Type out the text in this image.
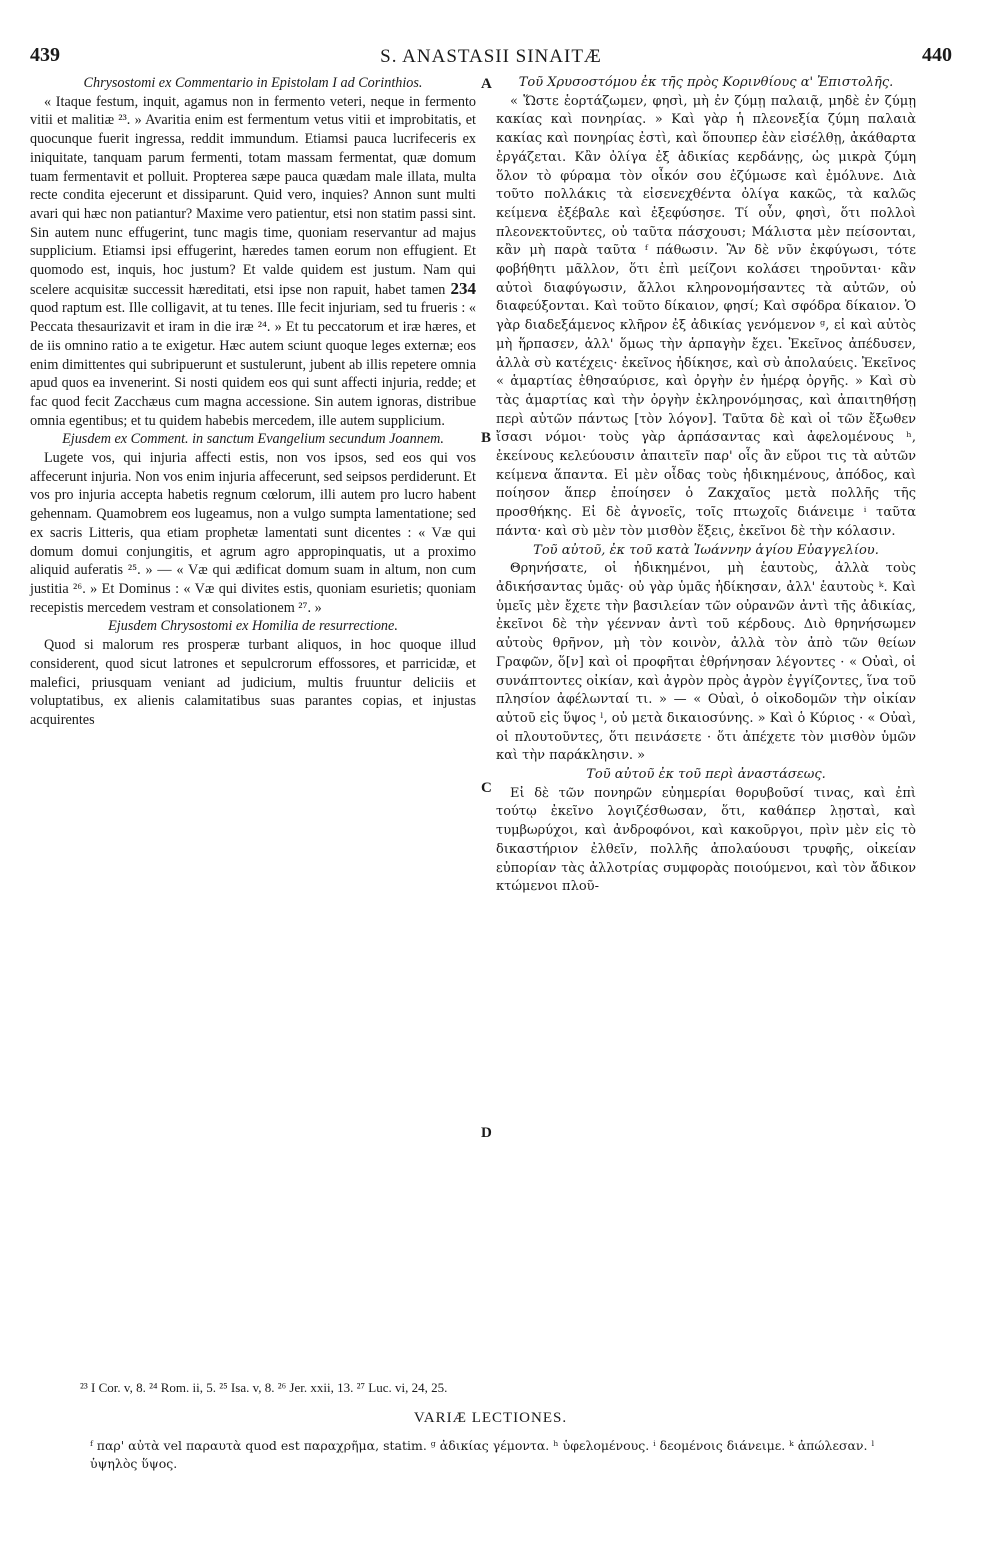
439	S. ANASTASII SINAITÆ	440
Chrysostomi ex Commentario in Epistolam I ad Corinthios.

« Itaque festum, inquit, agamus non in fermento veteri, neque in fermento vitii et malitiæ ²³. » Avaritia enim est fermentum vetus vitii et improbitatis, et quocunque fuerit ingressa, reddit immundum. Etiamsi pauca lucrifeceris ex iniquitate, tanquam parum fermenti, totam massam fermentat, quæ domum tuam fermentavit et polluit. Propterea sæpe pauca quædam male illata, multa recte condita ejecerunt et dissiparunt. Quid vero, inquies? Annon sunt multi avari qui hæc non patiantur? Maxime vero patientur, etsi non statim passi sint. Sin autem nunc effugerint, tunc magis time, quoniam reservantur ad majus supplicium. Etiamsi ipsi effugerint, hæredes tamen eorum non effugient. Et quomodo est, inquis, hoc justum? Et valde quidem est justum. Nam qui scelere acquisitæ successit hæreditati, etsi ipse non rapuit, habet tamen 234 quod raptum est. Ille colligavit, at tu tenes. Ille fecit injuriam, sed tu frueris : « Peccata thesaurizavit et iram in die iræ ²⁴. » Et tu peccatorum et iræ hæres, et de iis omnino ratio a te exigetur. Hæc autem sciunt quoque leges externæ; eos enim dimittentes qui subripuerunt et sustulerunt, jubent ab illis repetere omnia apud quos ea invenerint. Si nosti quidem eos qui sunt affecti injuria, redde; et fac quod fecit Zacchæus cum magna accessione. Sin autem ignoras, distribue omnia egentibus; et tu quidem habebis mercedem, ille autem supplicium.

Ejusdem ex Comment. in sanctum Evangelium secundum Joannem.

Lugete vos, qui injuria affecti estis, non vos ipsos, sed eos qui vos affecerunt injuria. Non vos enim injuria affecerunt, sed seipsos perdiderunt. Et vos pro injuria accepta habetis regnum cœlorum, illi autem pro lucro habent gehennam. Quamobrem eos lugeamus, non a vulgo sumpta lamentatione; sed ex sacris Litteris, qua etiam prophetæ lamentati sunt dicentes : « Væ qui domum domui conjungitis, et agrum agro appropinquatis, ut a proximo aliquid auferatis ²⁵. » — « Væ qui ædificat domum suam in altum, non cum justitia ²⁶. » Et Dominus : « Væ qui divites estis, quoniam esurietis; quoniam recepistis mercedem vestram et consolationem ²⁷. »

Ejusdem Chrysostomi ex Homilia de resurrectione.

Quod si malorum res prosperæ turbant aliquos, in hoc quoque illud considerent, quod sicut latrones et sepulcrorum effossores, et parricidæ, et malefici, priusquam veniant ad judicium, multis fruuntur deliciis et voluptatibus, ex alienis calamitatibus suas parantes copias, et injustas acquirentes

A
B
C
D
Τοῦ Χρυσοστόμου ἐκ τῆς πρὸς Κορινθίους α' Ἐπιστολῆς.

« Ὥστε ἑορτάζωμεν, φησὶ, μὴ ἐν ζύμῃ παλαιᾷ, μηδὲ ἐν ζύμῃ κακίας καὶ πονηρίας. » Καὶ γὰρ ἡ πλεονεξία ζύμη παλαιὰ κακίας καὶ πονηρίας ἐστὶ, καὶ ὅπουπερ ἐὰν εἰσέλθῃ, ἀκάθαρτα ἐργάζεται. Κἂν ὀλίγα ἐξ ἀδικίας κερδάνῃς, ὡς μικρὰ ζύμη ὅλον τὸ φύραμα τὸν οἶκόν σου ἐζύμωσε καὶ ἐμόλυνε. Διὰ τοῦτο πολλάκις τὰ εἰσενεχθέντα ὀλίγα κακῶς, τὰ καλῶς κείμενα ἐξέβαλε καὶ ἐξεφύσησε. Τί οὖν, φησὶ, ὅτι πολλοὶ πλεονεκτοῦντες, οὐ ταῦτα πάσχουσι; Μάλιστα μὲν πείσονται, κἂν μὴ παρὰ ταῦτα ᶠ πάθωσιν. Ἂν δὲ νῦν ἐκφύγωσι, τότε φοβήθητι μᾶλλον, ὅτι ἐπὶ μείζονι κολάσει τηροῦνται· κἂν αὐτοὶ διαφύγωσιν, ἄλλοι κληρονομήσαντες τὰ αὐτῶν, οὐ διαφεύξονται. Καὶ τοῦτο δίκαιον, φησί; Καὶ σφόδρα δίκαιον. Ὁ γὰρ διαδεξάμενος κλῆρον ἐξ ἀδικίας γενόμενον ᵍ, εἰ καὶ αὐτὸς μὴ ἥρπασεν, ἀλλ' ὅμως τὴν ἁρπαγὴν ἔχει. Ἐκεῖνος ἀπέδυσεν, ἀλλὰ σὺ κατέχεις· ἐκεῖνος ἠδίκησε, καὶ σὺ ἀπολαύεις. Ἐκεῖνος « ἁμαρτίας ἐθησαύρισε, καὶ ὀργὴν ἐν ἡμέρᾳ ὀργῆς. » Καὶ σὺ τὰς ἁμαρτίας καὶ τὴν ὀργὴν ἐκληρονόμησας, καὶ ἀπαιτηθήσῃ περὶ αὐτῶν πάντως [τὸν λόγον]. Ταῦτα δὲ καὶ οἱ τῶν ἔξωθεν ἴσασι νόμοι· τοὺς γὰρ ἁρπάσαντας καὶ ἀφελομένους ʰ, ἐκείνους κελεύουσιν ἀπαιτεῖν παρ' οἷς ἂν εὕροι τις τὰ αὐτῶν κείμενα ἅπαντα. Εἰ μὲν οἶδας τοὺς ἠδικημένους, ἀπόδος, καὶ ποίησον ἅπερ ἐποίησεν ὁ Ζακχαῖος μετὰ πολλῆς τῆς προσθήκης. Εἰ δὲ ἀγνοεῖς, τοῖς πτωχοῖς διάνειμε ⁱ ταῦτα πάντα· καὶ σὺ μὲν τὸν μισθὸν ἕξεις, ἐκεῖνοι δὲ τὴν κόλασιν.

Τοῦ αὐτοῦ, ἐκ τοῦ κατὰ Ἰωάννην ἁγίου Εὐαγγελίου.

Θρηνήσατε, οἱ ἠδικημένοι, μὴ ἑαυτοὺς, ἀλλὰ τοὺς ἀδικήσαντας ὑμᾶς· οὐ γὰρ ὑμᾶς ἠδίκησαν, ἀλλ' ἑαυτοὺς ᵏ. Καὶ ὑμεῖς μὲν ἔχετε τὴν βασιλείαν τῶν οὐρανῶν ἀντὶ τῆς ἀδικίας, ἐκεῖνοι δὲ τὴν γέενναν ἀντὶ τοῦ κέρδους. Διὸ θρηνήσωμεν αὐτοὺς θρῆνον, μὴ τὸν κοινὸν, ἀλλὰ τὸν ἀπὸ τῶν θείων Γραφῶν, ὅ[ν] καὶ οἱ προφῆται ἐθρήνησαν λέγοντες · « Οὐαὶ, οἱ συνάπτοντες οἰκίαν, καὶ ἀγρὸν πρὸς ἀγρὸν ἐγγίζοντες, ἵνα τοῦ πλησίον ἀφέλωνταί τι. » — « Οὐαὶ, ὁ οἰκοδομῶν τὴν οἰκίαν αὐτοῦ εἰς ὕψος ˡ, οὐ μετὰ δικαιοσύνης. » Καὶ ὁ Κύριος · « Οὐαὶ, οἱ πλουτοῦντες, ὅτι πεινάσετε · ὅτι ἀπέχετε τὸν μισθὸν ὑμῶν καὶ τὴν παράκλησιν. »

Τοῦ αὐτοῦ ἐκ τοῦ περὶ ἀναστάσεως.

Εἰ δὲ τῶν πονηρῶν εὐημερίαι θορυβοῦσί τινας, καὶ ἐπὶ τούτῳ ἐκεῖνο λογιζέσθωσαν, ὅτι, καθάπερ λῃσταὶ, καὶ τυμβωρύχοι, καὶ ἀνδροφόνοι, καὶ κακοῦργοι, πρὶν μὲν εἰς τὸ δικαστήριον ἐλθεῖν, πολλῆς ἀπολαύουσι τρυφῆς, οἰκείαν εὐπορίαν τὰς ἀλλοτρίας συμφορὰς ποιούμενοι, καὶ τὸν ἄδικον κτώμενοι πλοῦ-

²³ I Cor. v, 8. ²⁴ Rom. ii, 5. ²⁵ Isa. v, 8. ²⁶ Jer. xxii, 13. ²⁷ Luc. vi, 24, 25.
VARIÆ LECTIONES.
ᶠ παρ' αὐτὰ vel παραυτὰ quod est παραχρῆμα, statim. ᵍ ἀδικίας γέμοντα. ʰ ὑφελομένους. ⁱ δεομένοις διάνειμε. ᵏ ἀπώλεσαν. ˡ ὑψηλὸς ὕψος.
